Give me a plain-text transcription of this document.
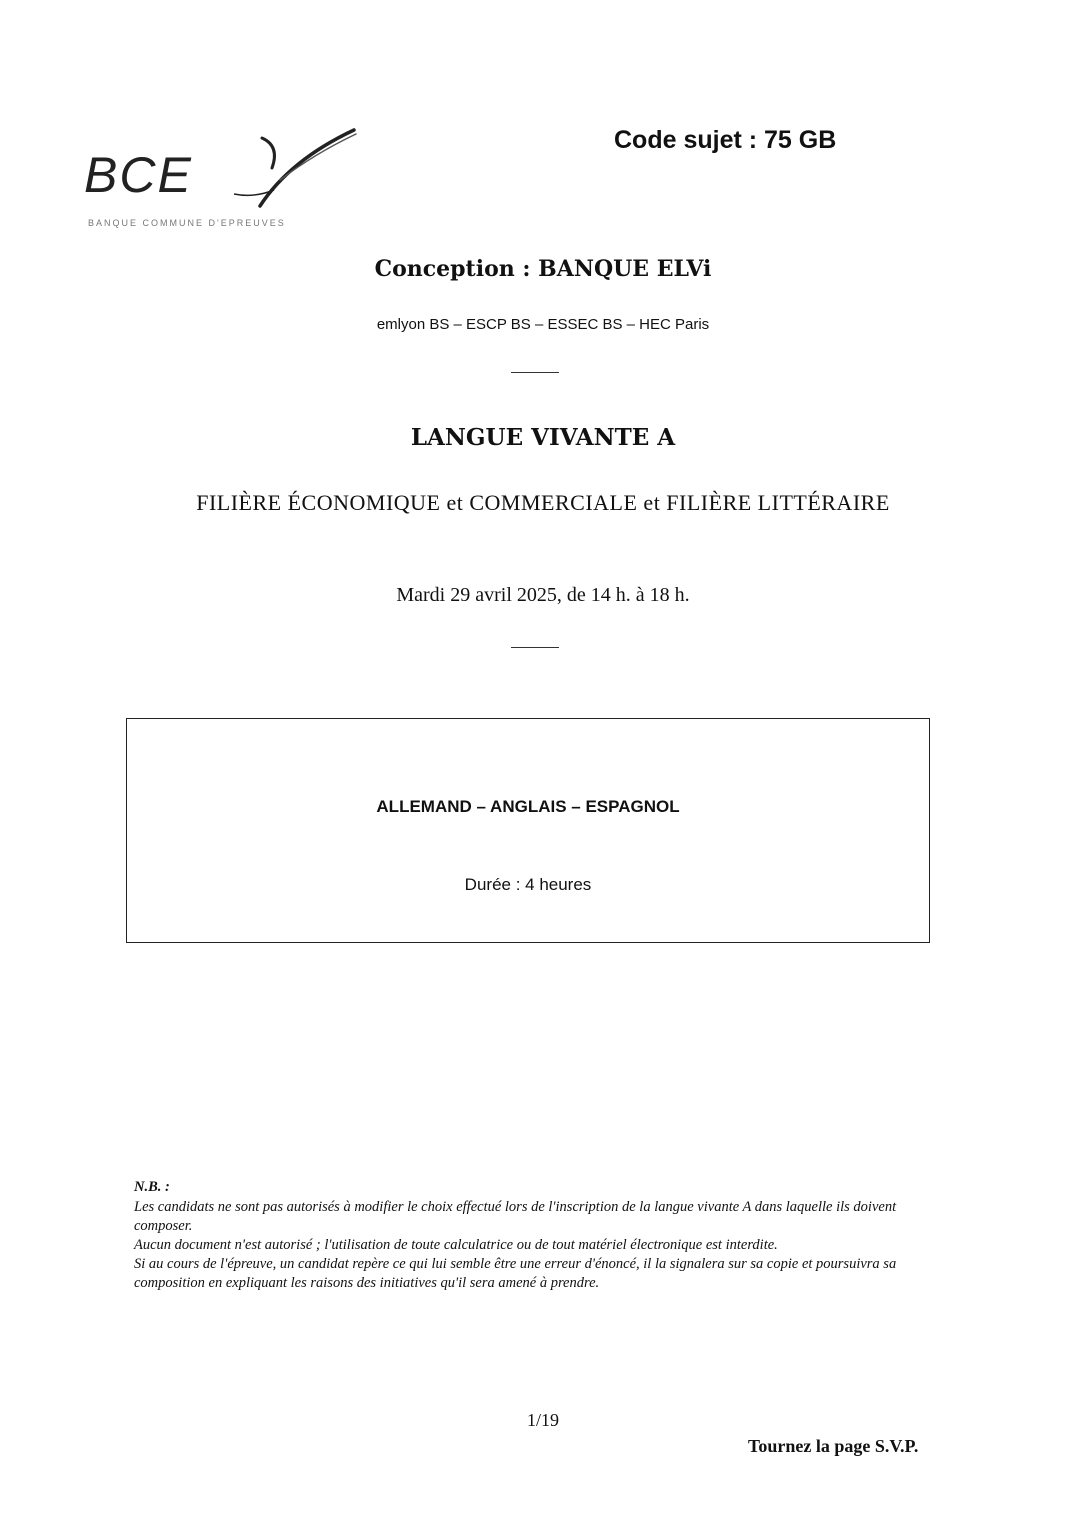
BCE
BANQUE COMMUNE D'EPREUVES
Code sujet : 75 GB
Conception : BANQUE ELVi
emlyon BS – ESCP BS – ESSEC BS – HEC Paris
LANGUE VIVANTE A
FILIÈRE ÉCONOMIQUE et COMMERCIALE et FILIÈRE LITTÉRAIRE
Mardi 29 avril 2025, de 14 h. à 18 h.
ALLEMAND – ANGLAIS – ESPAGNOL
Durée : 4 heures
N.B. :

Les candidats ne sont pas autorisés à modifier le choix effectué lors de l'inscription de la langue vivante A dans laquelle ils doivent composer.

Aucun document n'est autorisé ; l'utilisation de toute calculatrice ou de tout matériel électronique est interdite.

Si au cours de l'épreuve, un candidat repère ce qui lui semble être une erreur d'énoncé, il la signalera sur sa copie et poursuivra sa composition en expliquant les raisons des initiatives qu'il sera amené à prendre.

1/19
Tournez la page S.V.P.
